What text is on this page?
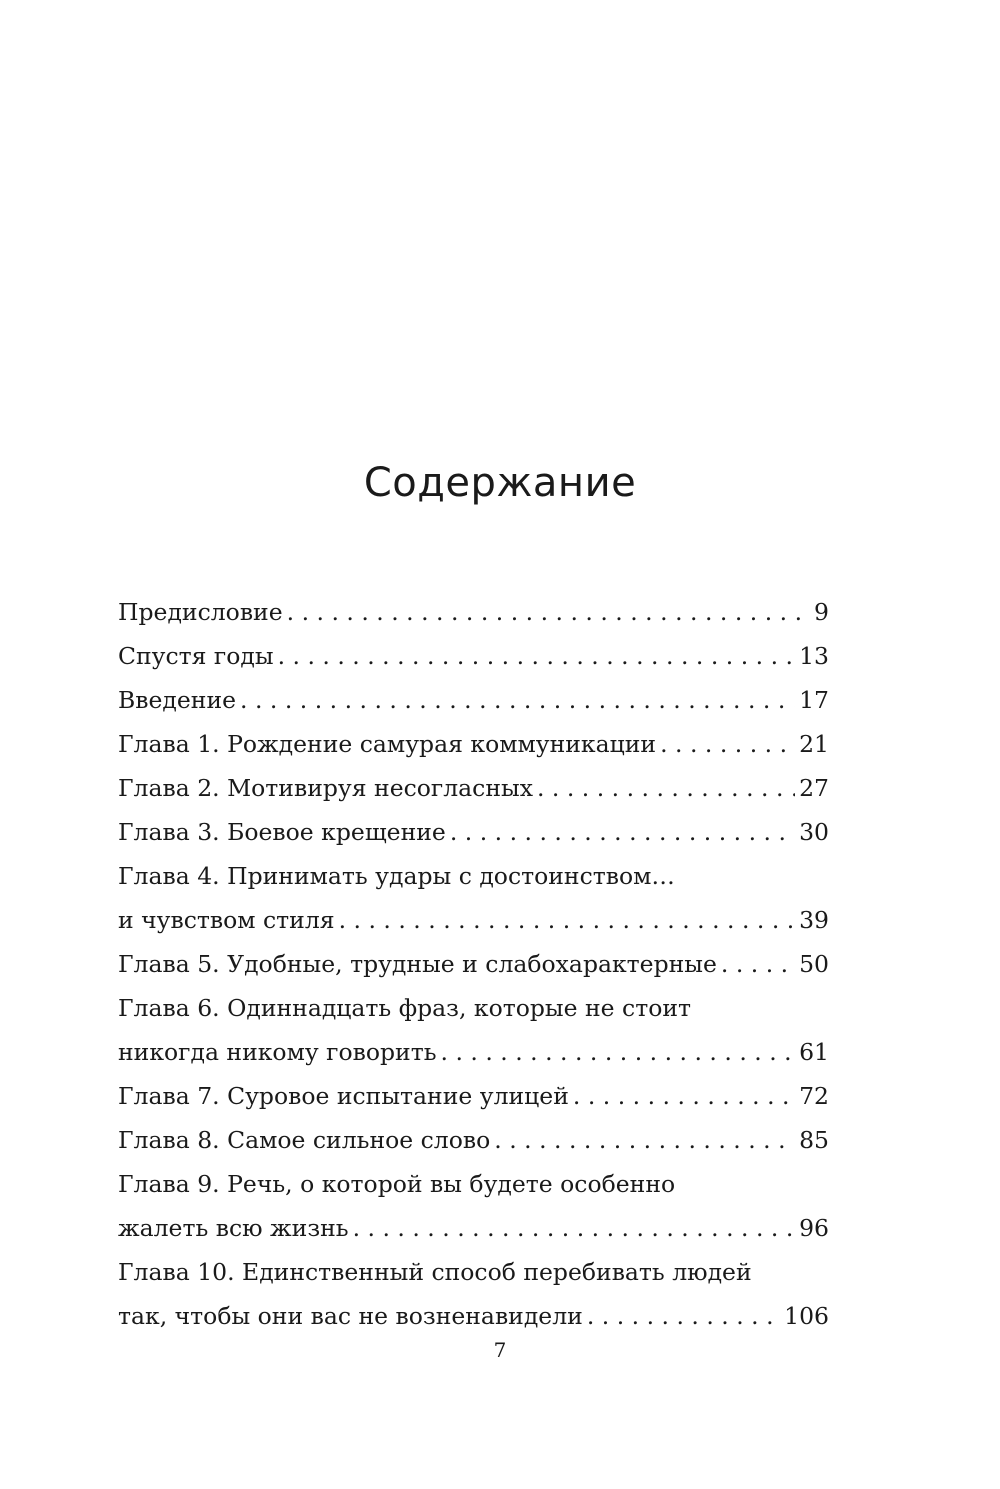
Содержание
Предисловие . . .	9
Спустя годы . . .	13
Введение . . .	17
Глава 1. Рождение самурая коммуникации . . .	21
Глава 2. Мотивируя несогласных . . .	27
Глава 3. Боевое крещение . . .	30
Глава 4. Принимать удары с достоинством…
и чувством стиля . . .	39
Глава 5. Удобные, трудные и слабохарактерные . . .	50
Глава 6. Одиннадцать фраз, которые не стоит
никогда никому говорить . . .	61
Глава 7. Суровое испытание улицей . . .	72
Глава 8. Самое сильное слово . . .	85
Глава 9. Речь, о которой вы будете особенно
жалеть всю жизнь . . .	96
Глава 10. Единственный способ перебивать людей
так, чтобы они вас не возненавидели . . .	106
7
